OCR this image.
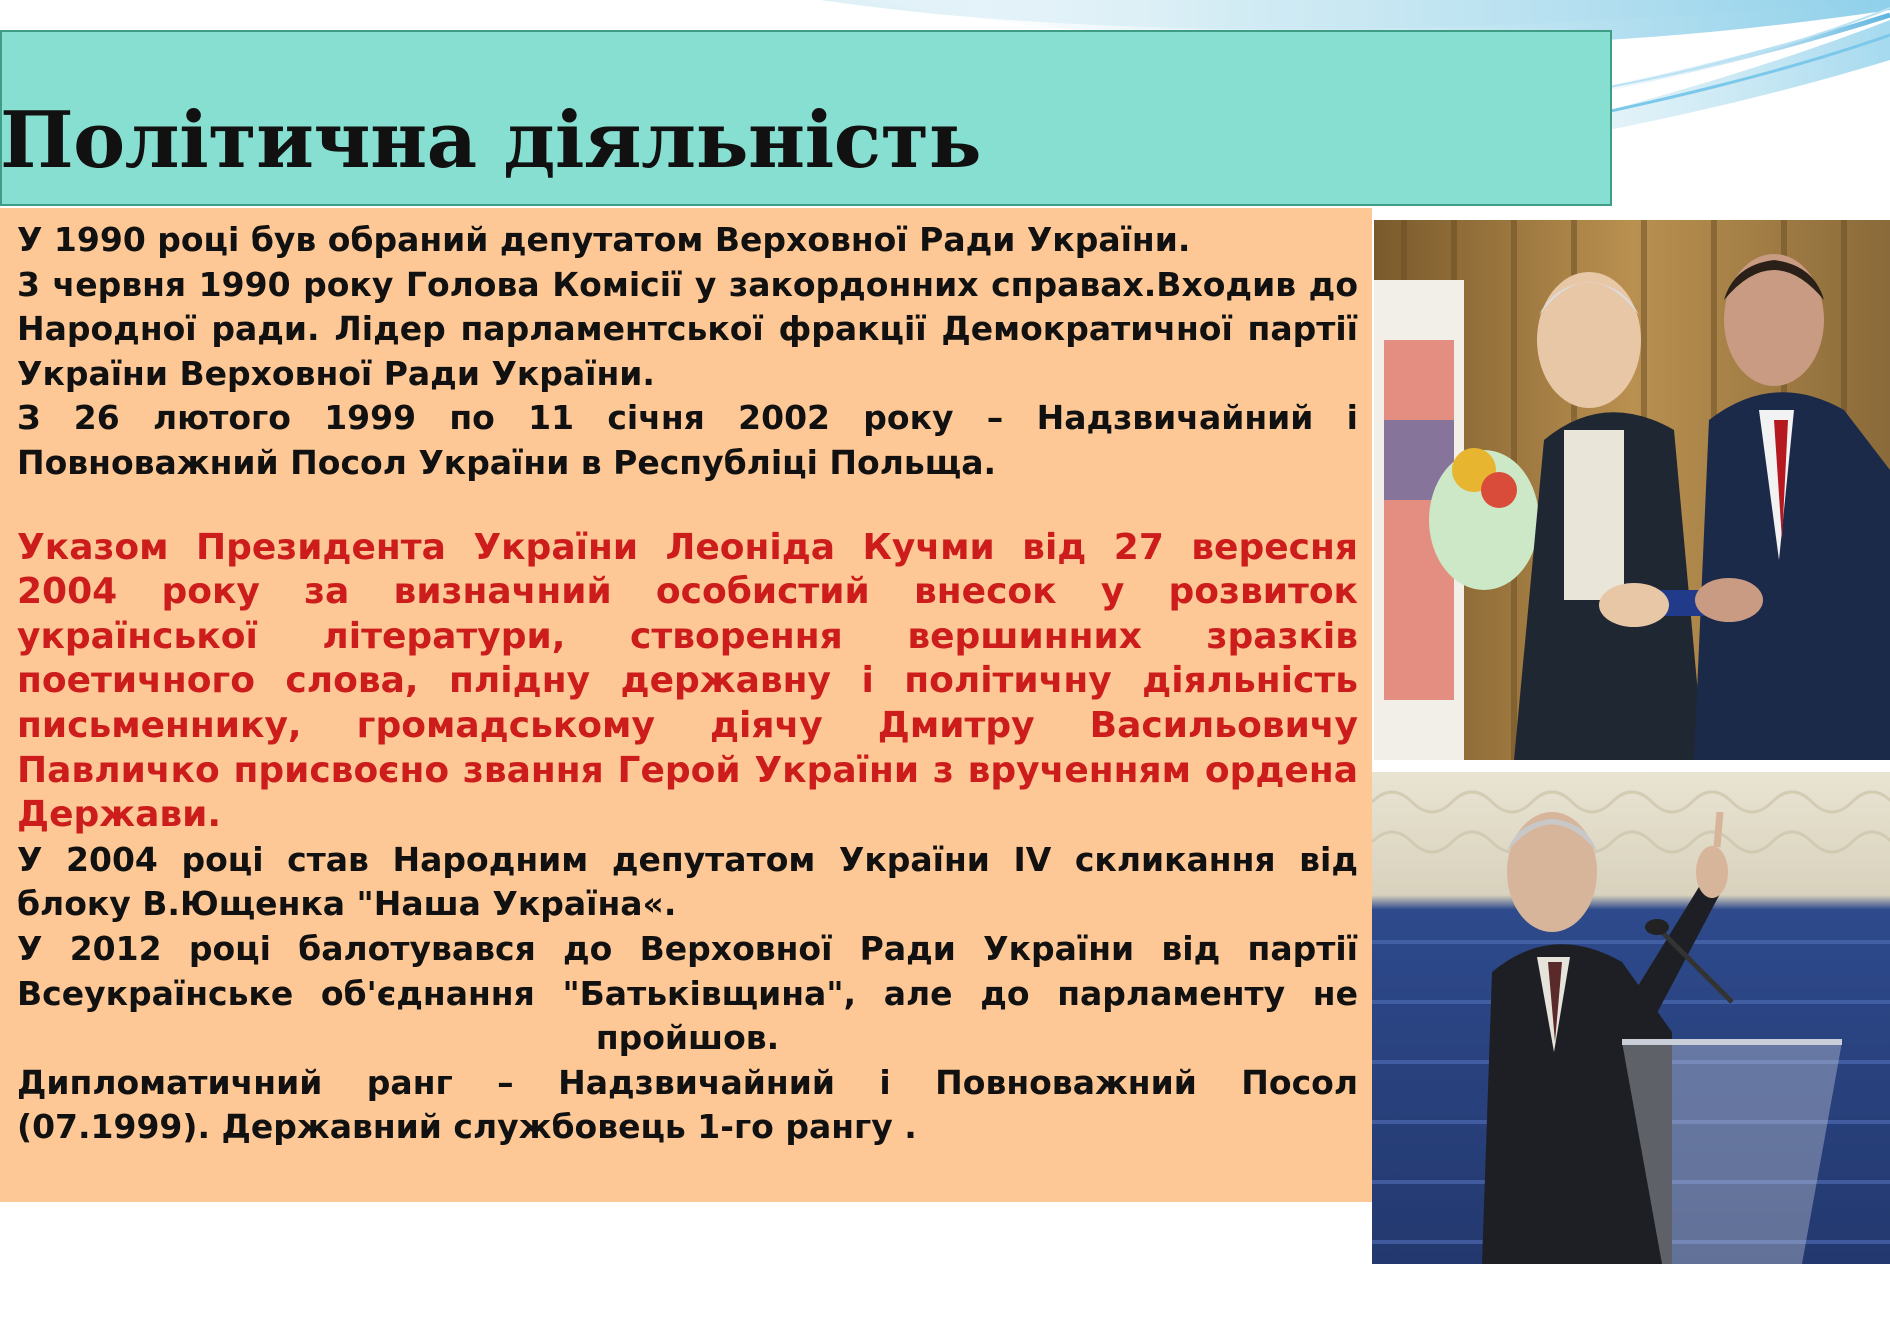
Політична діяльність

У 1990 році був обраний депутатом Верховної Ради України.

3 червня 1990 року Голова Комісії у закордонних справах.Входив до Народної ради. Лідер парламентської фракції Демократичної партії України Верховної Ради України.

З 26 лютого 1999 по 11 січня 2002 року – Надзвичайний і Повноважний Посол України в Республіці Польща.

Указом Президента України Леоніда Кучми від 27 вересня 2004 року за визначний особистий внесок у розвиток української літератури, створення вершинних зразків поетичного слова, плідну державну і політичну діяльність письменнику, громадському діячу Дмитру Васильовичу Павличко присвоєно звання Герой України з врученням ордена Держави.

У 2004 році став Народним депутатом України IV скликання від блоку В.Ющенка "Наша Україна«.

У 2012 році балотувався до Верховної Ради України від партії Всеукраїнське об'єднання "Батьківщина", але до парламенту не пройшов.

Дипломатичний ранг – Надзвичайний і Повноважний Посол (07.1999). Державний службовець 1-го рангу .
